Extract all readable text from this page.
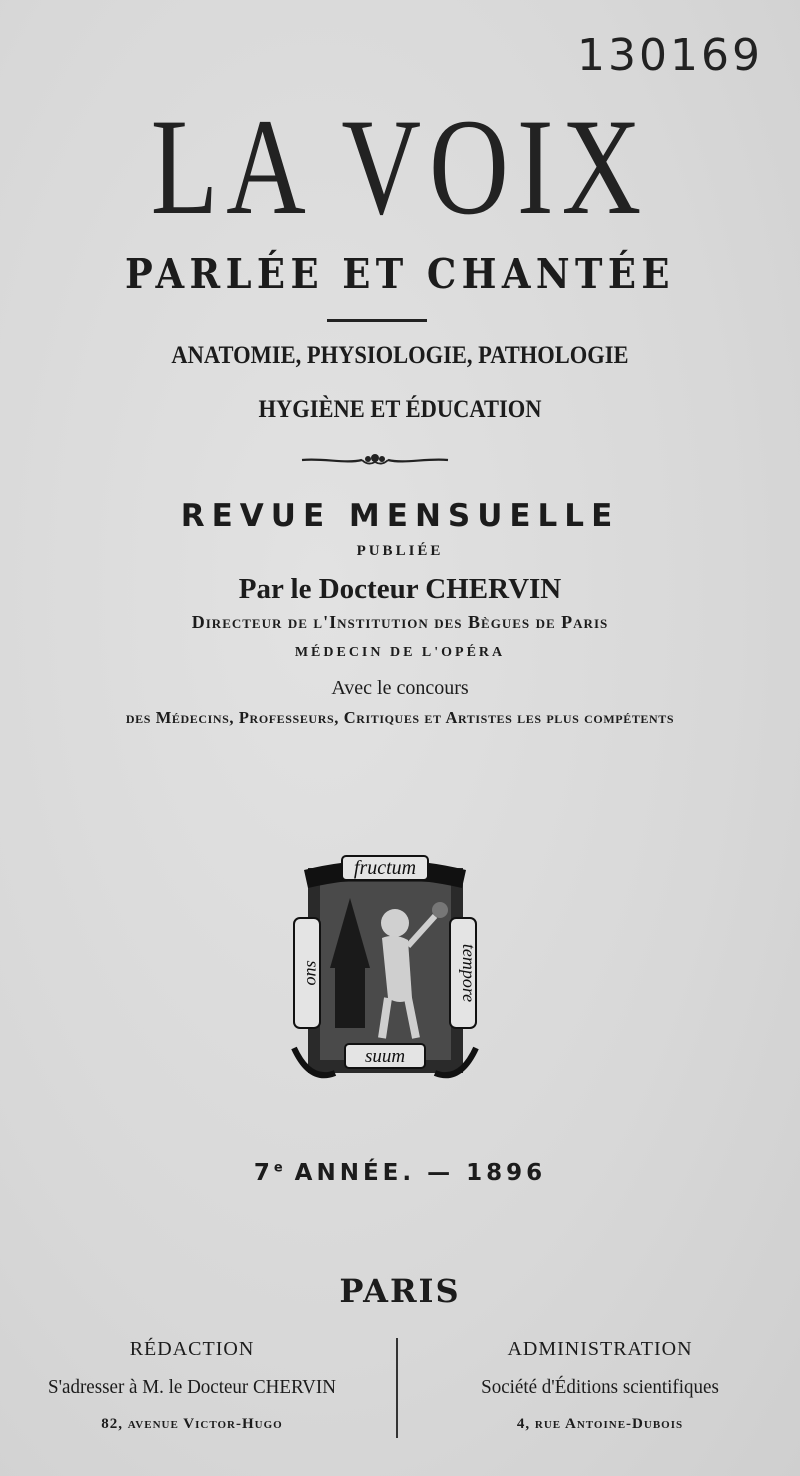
130169
LA VOIX
PARLÉE ET CHANTÉE
ANATOMIE, PHYSIOLOGIE, PATHOLOGIE
HYGIÈNE ET ÉDUCATION
REVUE MENSUELLE
PUBLIÉE
Par le Docteur CHERVIN
Directeur de l'Institution des Bègues de Paris
MÉDECIN DE L'OPÉRA
Avec le concours
des Médecins, Professeurs, Critiques et Artistes les plus compétents
fructum
suo	tempore
suum
7e ANNÉE. — 1896
PARIS
RÉDACTION
S'adresser à M. le Docteur CHERVIN
82, avenue Victor-Hugo
ADMINISTRATION
Société d'Éditions scientifiques
4, rue Antoine-Dubois
